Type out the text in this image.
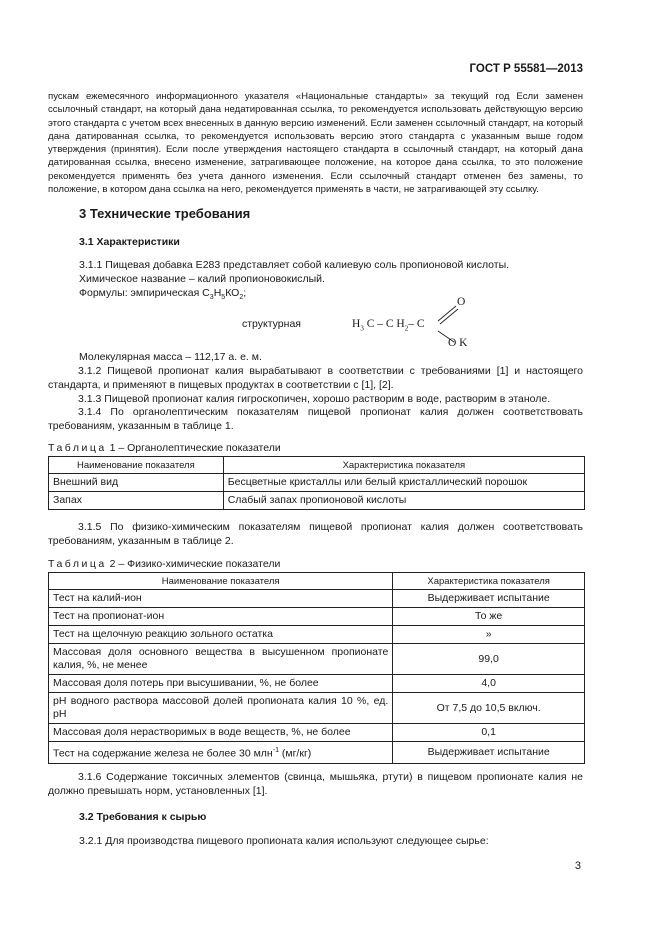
ГОСТ Р 55581—2013

пускам ежемесячного информационного указателя «Национальные стандарты» за текущий год Если заменен ссылочный стандарт, на который дана недатированная ссылка, то рекомендуется использовать действующую версию этого стандарта с учетом всех внесенных в данную версию изменений. Если заменен ссылочный стандарт, на который дана датированная ссылка, то рекомендуется использовать версию этого стандарта с указанным выше годом утверждения (принятия). Если после утверждения настоящего стандарта в ссылочный стандарт, на который дана датированная ссылка, внесено изменение, затрагивающее положение, на которое дана ссылка, то это положение рекомендуется применять без учета данного изменения. Если ссылочный стандарт отменен без замены, то положение, в котором дана ссылка на него, рекомендуется применять в части, не затрагивающей эту ссылку.

3 Технические требования
3.1 Характеристики

3.1.1 Пищевая добавка Е283 представляет собой калиевую соль пропионовой кислоты.

Химическое название – калий пропионовокислый.

Формулы: эмпирическая $С_3Н_5КО_2$;

структурная
O
$H_3$ C – C $H_2-$ C
O K

Молекулярная масса – 112,17 а. е. м.

3.1.2 Пищевой пропионат калия вырабатывают в соответствии с требованиями [1] и настоящего стандарта, и применяют в пищевых продуктах в соответствии с [1], [2].

3.1.3 Пищевой пропионат калия гигроскопичен, хорошо растворим в воде, растворим в этаноле.

3.1.4 По органолептическим показателям пищевой пропионат калия должен соответствовать требованиям, указанным в таблице 1.

Таблица 1 – Органолептические показатели

Наименование показателя	Характеристика показателя
Внешний вид	Бесцветные кристаллы или белый кристаллический порошок
Запах	Слабый запах пропионовой кислоты

3.1.5 По физико-химическим показателям пищевой пропионат калия должен соответствовать требованиям, указанным в таблице 2.

Таблица 2 – Физико-химические показатели

Наименование показателя	Характеристика показателя
Тест на калий-ион	Выдерживает испытание
Тест на пропионат-ион	То же
Тест на щелочную реакцию зольного остатка	»
Массовая доля основного вещества в высушенном пропионате калия, %, не менее	99,0
Массовая доля потерь при высушивании, %, не более	4,0
рН водного раствора массовой долей пропионата калия 10 %, ед. рН	От 7,5 до 10,5 включ.
Массовая доля нерастворимых в воде веществ, %, не более	0,1
Тест на содержание железа не более 30 млн$^{-1}$ (мг/кг)	Выдерживает испытание

3.1.6 Содержание токсичных элементов (свинца, мышьяка, ртути) в пищевом пропионате калия не должно превышать норм, установленных [1].

3.2 Требования к сырью

3.2.1 Для производства пищевого пропионата калия используют следующее сырье:

3
